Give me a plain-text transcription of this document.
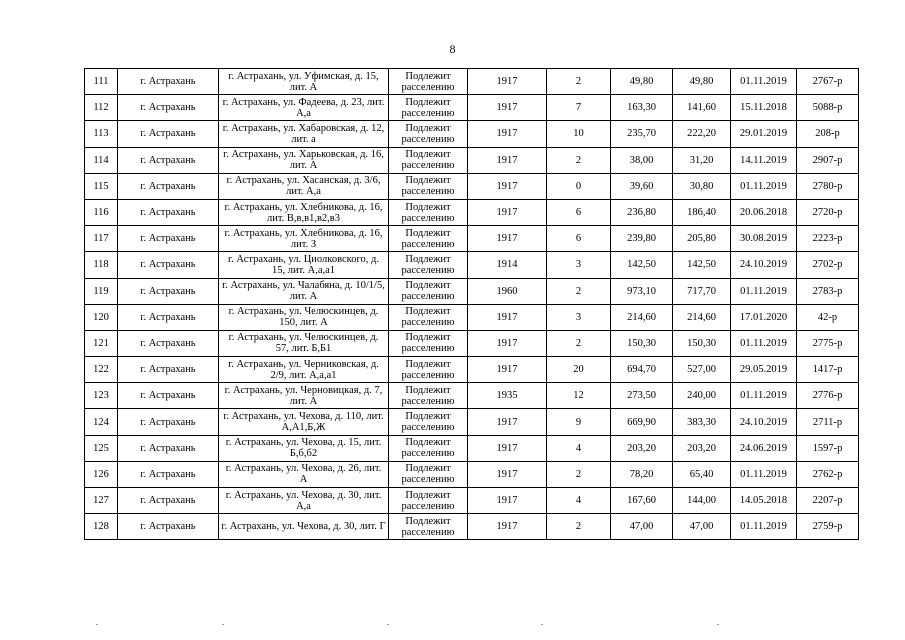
8
111	г. Астрахань	г. Астрахань, ул. Уфимская, д. 15, лит. А	Подлежит расселению	1917	2	49,80	49,80	01.11.2019	2767-р
112	г. Астрахань	г. Астрахань, ул. Фадеева, д. 23, лит. А,а	Подлежит расселению	1917	7	163,30	141,60	15.11.2018	5088-р
113	г. Астрахань	г. Астрахань, ул. Хабаровская, д. 12, лит. а	Подлежит расселению	1917	10	235,70	222,20	29.01.2019	208-р
114	г. Астрахань	г. Астрахань, ул. Харьковская, д. 16, лит. А	Подлежит расселению	1917	2	38,00	31,20	14.11.2019	2907-р
115	г. Астрахань	г. Астрахань, ул. Хасанская, д. 3/6, лит. А,а	Подлежит расселению	1917	0	39,60	30,80	01.11.2019	2780-р
116	г. Астрахань	г. Астрахань, ул. Хлебникова, д. 16, лит. В,в,в1,в2,в3	Подлежит расселению	1917	6	236,80	186,40	20.06.2018	2720-р
117	г. Астрахань	г. Астрахань, ул. Хлебникова, д. 16, лит. З	Подлежит расселению	1917	6	239,80	205,80	30.08.2019	2223-р
118	г. Астрахань	г. Астрахань, ул. Циолковского, д. 15, лит. А,а,а1	Подлежит расселению	1914	3	142,50	142,50	24.10.2019	2702-р
119	г. Астрахань	г. Астрахань, ул. Чалабяна, д. 10/1/5, лит. А	Подлежит расселению	1960	2	973,10	717,70	01.11.2019	2783-р
120	г. Астрахань	г. Астрахань, ул. Челюскинцев, д. 150, лит. А	Подлежит расселению	1917	3	214,60	214,60	17.01.2020	42-р
121	г. Астрахань	г. Астрахань, ул. Челюскинцев, д. 57, лит. Б,Б1	Подлежит расселению	1917	2	150,30	150,30	01.11.2019	2775-р
122	г. Астрахань	г. Астрахань, ул. Черниковская, д. 2/9, лит. А,а,а1	Подлежит расселению	1917	20	694,70	527,00	29.05.2019	1417-р
123	г. Астрахань	г. Астрахань, ул. Черновицкая, д. 7, лит. А	Подлежит расселению	1935	12	273,50	240,00	01.11.2019	2776-р
124	г. Астрахань	г. Астрахань, ул. Чехова, д. 110, лит. А,А1,Б,Ж	Подлежит расселению	1917	9	669,90	383,30	24.10.2019	2711-р
125	г. Астрахань	г. Астрахань, ул. Чехова, д. 15, лит. Б,б,б2	Подлежит расселению	1917	4	203,20	203,20	24.06.2019	1597-р
126	г. Астрахань	г. Астрахань, ул. Чехова, д. 26, лит. А	Подлежит расселению	1917	2	78,20	65,40	01.11.2019	2762-р
127	г. Астрахань	г. Астрахань, ул. Чехова, д. 30, лит. А,а	Подлежит расселению	1917	4	167,60	144,00	14.05.2018	2207-р
128	г. Астрахань	г. Астрахань, ул. Чехова, д. 30, лит. Г	Подлежит расселению	1917	2	47,00	47,00	01.11.2019	2759-р
